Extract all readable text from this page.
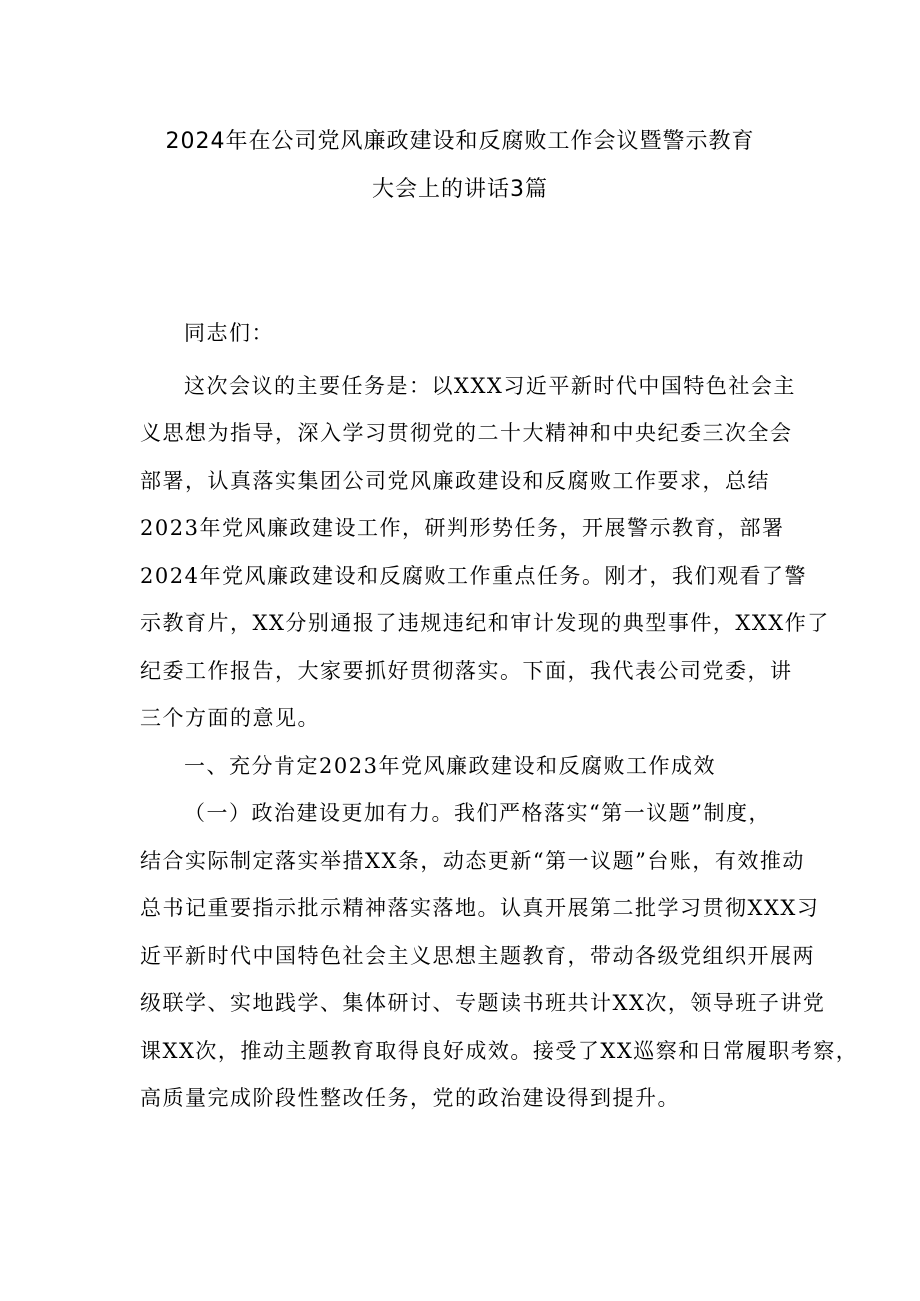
2024年在公司党风廉政建设和反腐败工作会议暨警示教育
大会上的讲话3篇
同志们：
这次会议的主要任务是：以XXX习近平新时代中国特色社会主
义思想为指导，深入学习贯彻党的二十大精神和中央纪委三次全会
部署，认真落实集团公司党风廉政建设和反腐败工作要求，总结
2023年党风廉政建设工作，研判形势任务，开展警示教育，部署
2024年党风廉政建设和反腐败工作重点任务。刚才，我们观看了警
示教育片，XX分别通报了违规违纪和审计发现的典型事件，XXX作了
纪委工作报告，大家要抓好贯彻落实。下面，我代表公司党委，讲
三个方面的意见。
一、充分肯定2023年党风廉政建设和反腐败工作成效
（一）政治建设更加有力。我们严格落实“第一议题”制度，
结合实际制定落实举措XX条，动态更新“第一议题”台账，有效推动
总书记重要指示批示精神落实落地。认真开展第二批学习贯彻XXX习
近平新时代中国特色社会主义思想主题教育，带动各级党组织开展两
级联学、实地践学、集体研讨、专题读书班共计XX次，领导班子讲党
课XX次，推动主题教育取得良好成效。接受了XX巡察和日常履职考察，
高质量完成阶段性整改任务，党的政治建设得到提升。
